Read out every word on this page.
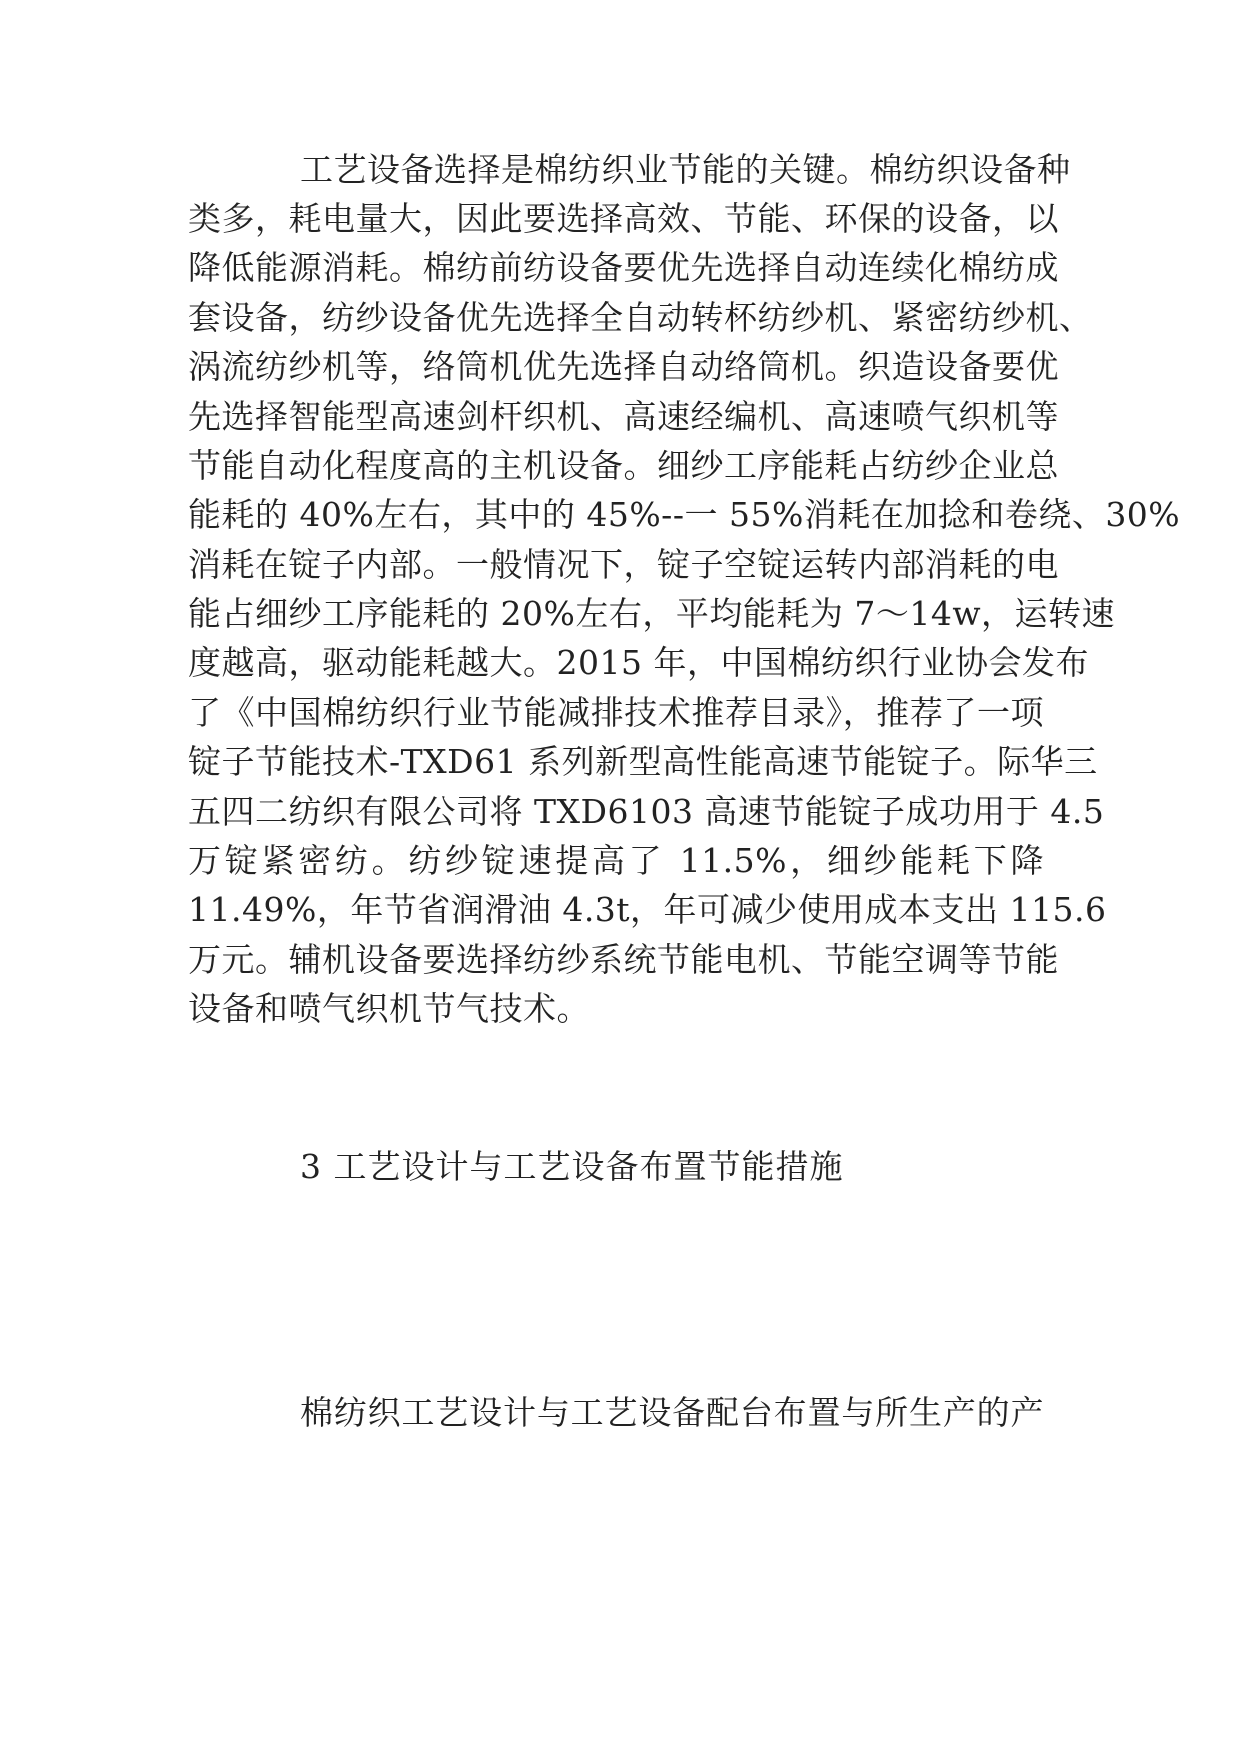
工艺设备选择是棉纺织业节能的关键。棉纺织设备种
类多，耗电量大，因此要选择高效、节能、环保的设备，以
降低能源消耗。棉纺前纺设备要优先选择自动连续化棉纺成
套设备，纺纱设备优先选择全自动转杯纺纱机、紧密纺纱机、
涡流纺纱机等，络筒机优先选择自动络筒机。织造设备要优
先选择智能型高速剑杆织机、高速经编机、高速喷气织机等
节能自动化程度高的主机设备。细纱工序能耗占纺纱企业总
能耗的 40%左右，其中的 45%--一 55%消耗在加捻和卷绕、30%
消耗在锭子内部。一般情况下，锭子空锭运转内部消耗的电
能占细纱工序能耗的 20%左右，平均能耗为 7～14w，运转速
度越高，驱动能耗越大。2015 年，中国棉纺织行业协会发布
了《中国棉纺织行业节能减排技术推荐目录》，推荐了一项
锭子节能技术-TXD61 系列新型高性能高速节能锭子。际华三
五四二纺织有限公司将 TXD6103 高速节能锭子成功用于 4.5
万锭紧密纺。纺纱锭速提高了 11.5%，细纱能耗下降
11.49%，年节省润滑油 4.3t，年可减少使用成本支出 115.6
万元。辅机设备要选择纺纱系统节能电机、节能空调等节能
设备和喷气织机节气技术。
3 工艺设计与工艺设备布置节能措施
棉纺织工艺设计与工艺设备配台布置与所生产的产
